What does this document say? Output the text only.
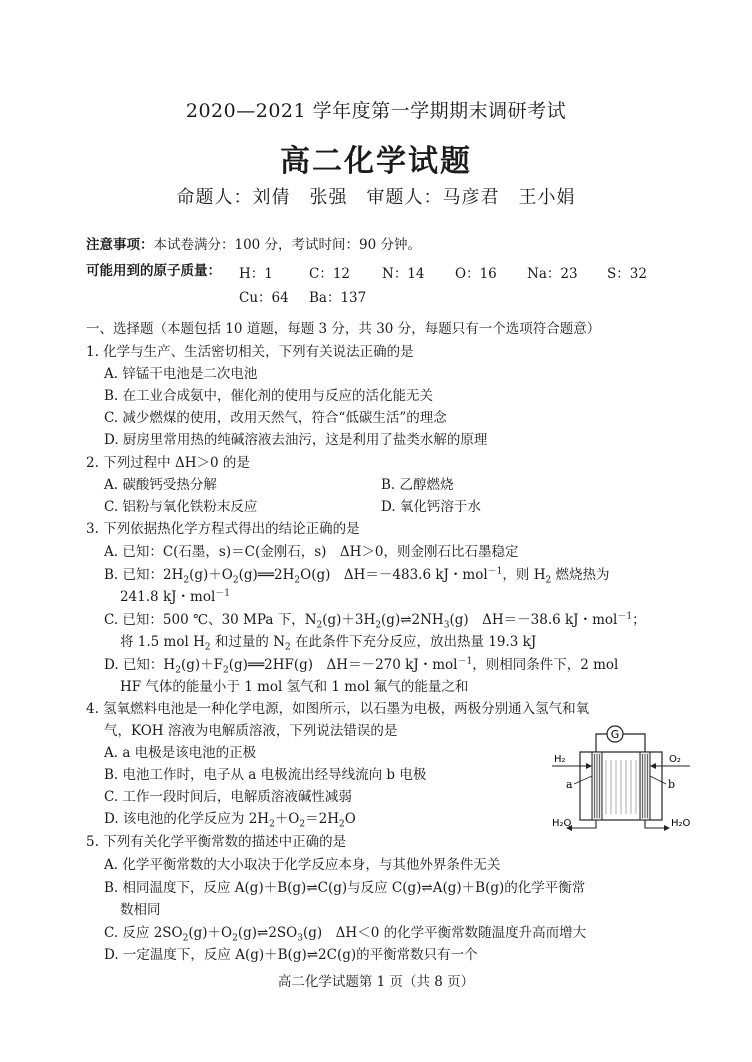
2020—2021 学年度第一学期期末调研考试
高二化学试题
命题人：刘倩　张强　审题人：马彦君　王小娟
注意事项：本试卷满分：100 分，考试时间：90 分钟。
可能用到的原子质量： H：1	C：12 N：14 O：16 Na：23 S：32
Cu：64 Ba：137
一、选择题（本题包括 10 道题，每题 3 分，共 30 分，每题只有一个选项符合题意）
1. 化学与生产、生活密切相关，下列有关说法正确的是
A. 锌锰干电池是二次电池
B. 在工业合成氨中，催化剂的使用与反应的活化能无关
C. 减少燃煤的使用，改用天然气，符合“低碳生活”的理念
D. 厨房里常用热的纯碱溶液去油污，这是利用了盐类水解的原理
2. 下列过程中 ΔH＞0 的是
A. 碳酸钙受热分解	B. 乙醇燃烧
C. 铝粉与氧化铁粉末反应	D. 氧化钙溶于水
3. 下列依据热化学方程式得出的结论正确的是
A. 已知：C(石墨，s)＝C(金刚石，s)　ΔH＞0，则金刚石比石墨稳定
B. 已知：$2H_2(g)+O_2(g)══2H_2O(g)$　ΔH＝－483.6 kJ・mol$^{-1}$，则 $H_2$ 燃烧热为
241.8 kJ・mol$^{-1}$
C. 已知：500 ℃、30 MPa 下，$N_2(g)+3H_2(g)\rightleftharpoons 2NH_3(g)$　ΔH＝－38.6 kJ・mol$^{-1}$；
将 1.5 mol $H_2$ 和过量的 $N_2$ 在此条件下充分反应，放出热量 19.3 kJ
D. 已知：$H_2(g)+F_2(g)══2HF(g)$　ΔH＝－270 kJ・mol$^{-1}$，则相同条件下，2 mol
HF 气体的能量小于 1 mol 氢气和 1 mol 氟气的能量之和
4. 氢氧燃料电池是一种化学电源，如图所示，以石墨为电极，两极分别通入氢气和氧
气，KOH 溶液为电解质溶液，下列说法错误的是
A. a 电极是该电池的正极
B. 电池工作时，电子从 a 电极流出经导线流向 b 电极
C. 工作一段时间后，电解质溶液碱性减弱
D. 该电池的化学反应为 $2H_2+O_2=2H_2O$
G
H₂	O₂
a	b
H₂O	H₂O
5. 下列有关化学平衡常数的描述中正确的是
A. 化学平衡常数的大小取决于化学反应本身，与其他外界条件无关
B. 相同温度下，反应 A(g)＋B(g)⇌C(g)与反应 C(g)⇌A(g)＋B(g)的化学平衡常
数相同
C. 反应 $2SO_2(g)+O_2(g)\rightleftharpoons 2SO_3(g)$　ΔH＜0 的化学平衡常数随温度升高而增大
D. 一定温度下，反应 A(g)＋B(g)⇌2C(g)的平衡常数只有一个
高二化学试题第 1 页（共 8 页）
